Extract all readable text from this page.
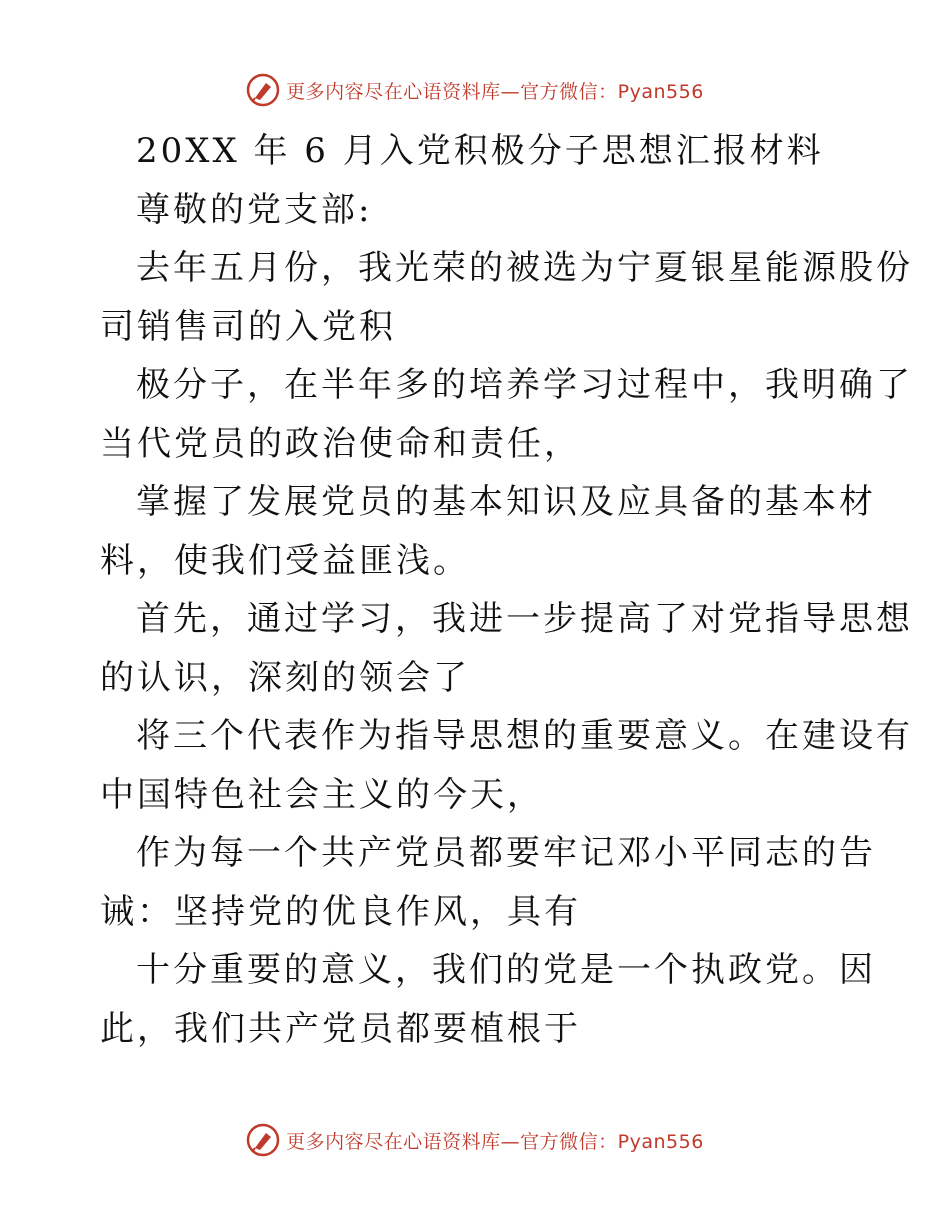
更多内容尽在心语资料库—官方微信：Pyan556
20XX 年 6 月入党积极分子思想汇报材料
尊敬的党支部:
去年五月份，我光荣的被选为宁夏银星能源股份
司销售司的入党积
极分子，在半年多的培养学习过程中，我明确了
当代党员的政治使命和责任，
掌握了发展党员的基本知识及应具备的基本材
料，使我们受益匪浅。
首先，通过学习，我进一步提高了对党指导思想
的认识，深刻的领会了
将三个代表作为指导思想的重要意义。在建设有
中国特色社会主义的今天，
作为每一个共产党员都要牢记邓小平同志的告
诫：坚持党的优良作风，具有
十分重要的意义，我们的党是一个执政党。因
此，我们共产党员都要植根于
更多内容尽在心语资料库—官方微信：Pyan556
